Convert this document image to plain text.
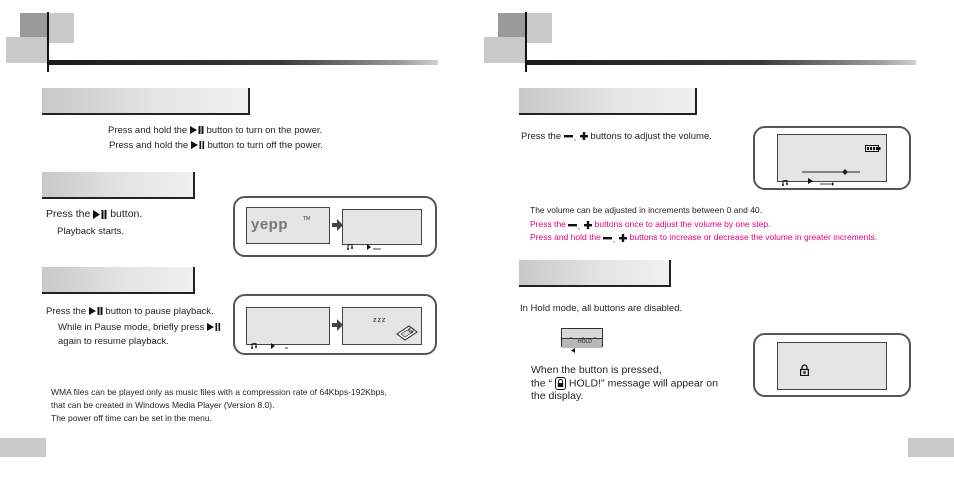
Press and hold the button to turn on the power.
Press and hold the button to turn off the power.
Press the button.
Playback starts.	yepp	TM
Press the button to pause playback.
While in Pause mode, briefly press
again to resume playback.
z z z
WMA files can be played only as music files with a compression rate of 64Kbps-192Kbps,
that can be created in Windows Media Player (Version 8.0).
The power off time can be set in the menu.
Press the , buttons to adjust the volume.
The volume can be adjusted in increments between 0 and 40.
Press the , buttons once to adjust the volume by one step.
Press and hold the , buttons to increase or decrease the volume in greater increments.
In Hold mode, all buttons are disabled.
HOLD
When the button is pressed,
the “ HOLD!" message will appear on
the display.
